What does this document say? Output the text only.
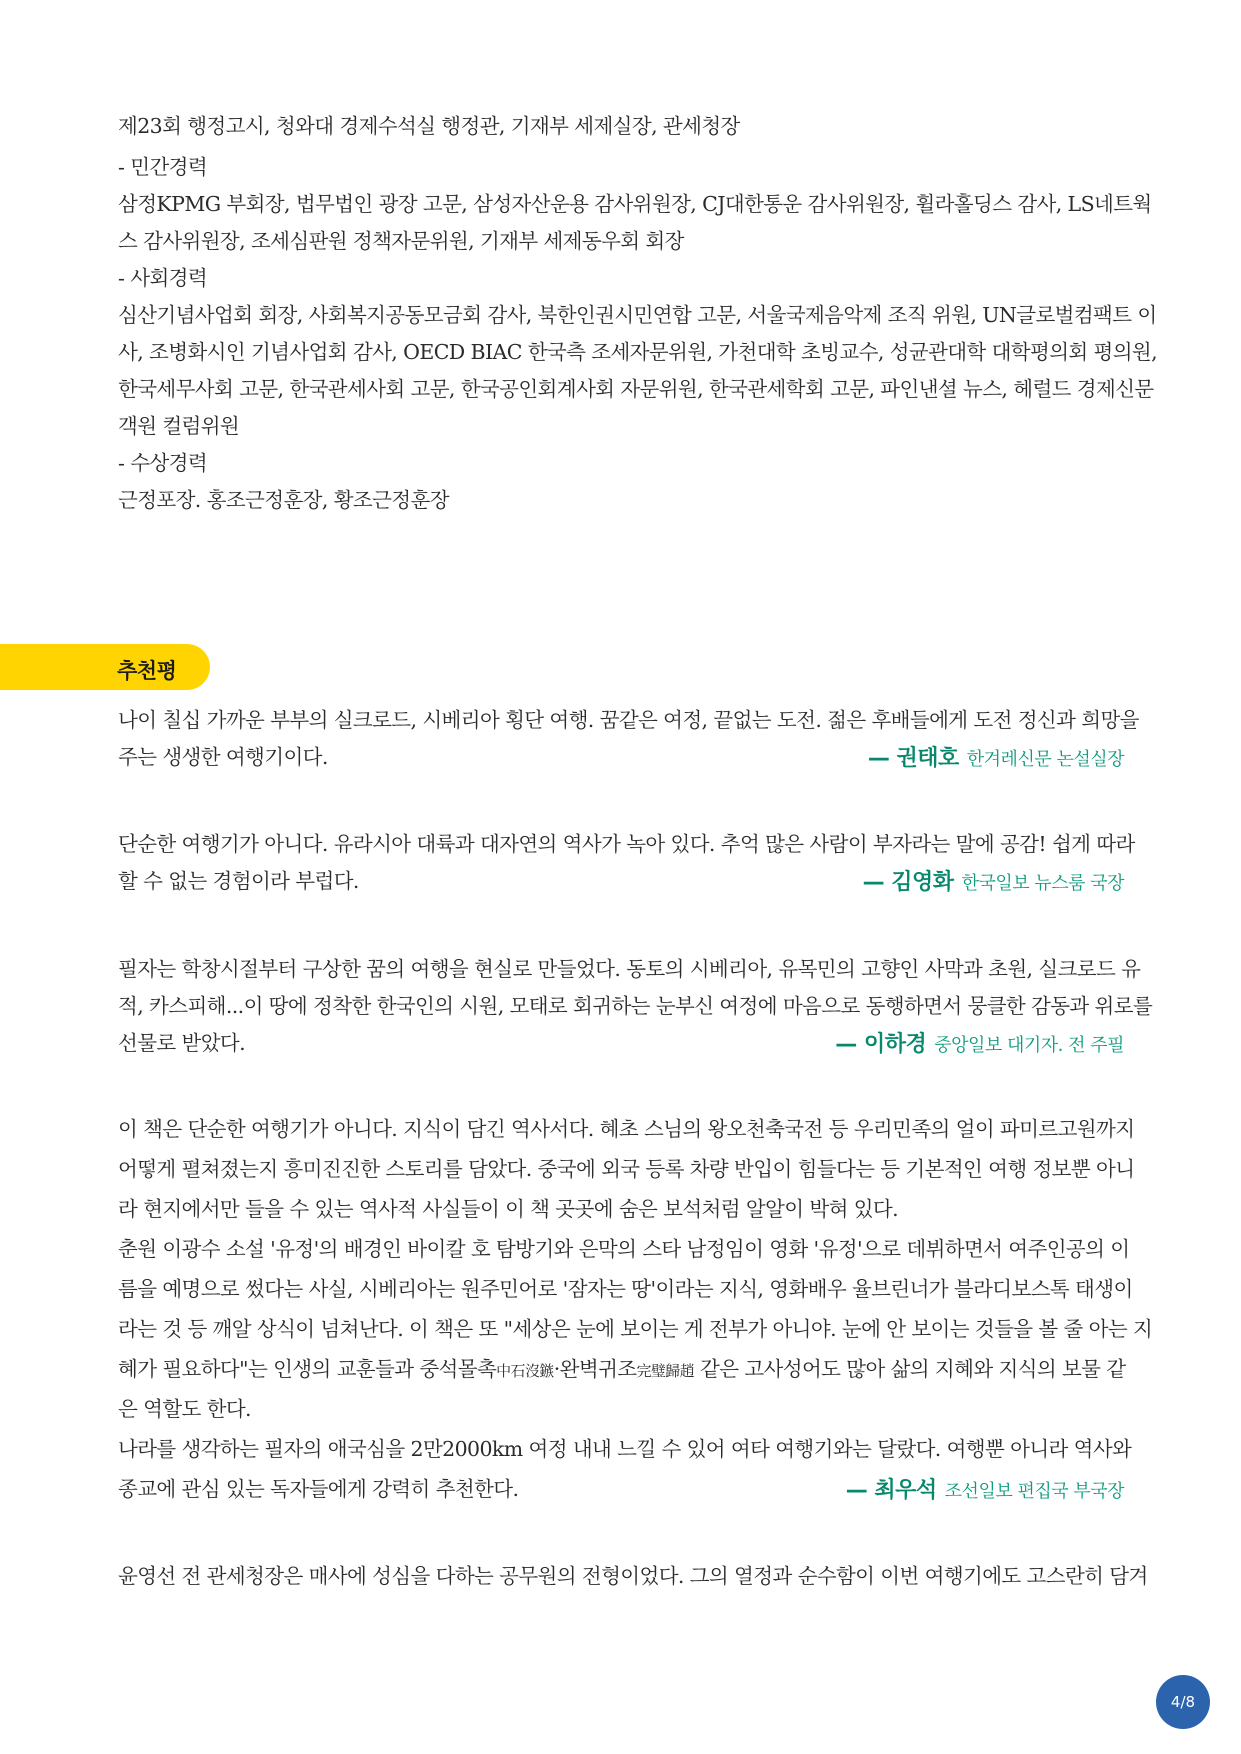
제23회 행정고시, 청와대 경제수석실 행정관, 기재부 세제실장, 관세청장
- 민간경력
삼정KPMG 부회장, 법무법인 광장 고문, 삼성자산운용 감사위원장, CJ대한통운 감사위원장, 휠라홀딩스 감사, LS네트웍
스 감사위원장, 조세심판원 정책자문위원, 기재부 세제동우회 회장
- 사회경력
심산기념사업회 회장, 사회복지공동모금회 감사, 북한인권시민연합 고문, 서울국제음악제 조직 위원, UN글로벌컴팩트 이
사, 조병화시인 기념사업회 감사, OECD BIAC 한국측 조세자문위원, 가천대학 초빙교수, 성균관대학 대학평의회 평의원,
한국세무사회 고문, 한국관세사회 고문, 한국공인회계사회 자문위원, 한국관세학회 고문, 파인낸셜 뉴스, 헤럴드 경제신문
객원 컬럼위원
- 수상경력
근정포장. 홍조근정훈장, 황조근정훈장
추천평
나이 칠십 가까운 부부의 실크로드, 시베리아 횡단 여행. 꿈같은 여정, 끝없는 도전. 젊은 후배들에게 도전 정신과 희망을
주는 생생한 여행기이다.	— 권태호 한겨레신문 논설실장
단순한 여행기가 아니다. 유라시아 대륙과 대자연의 역사가 녹아 있다. 추억 많은 사람이 부자라는 말에 공감! 쉽게 따라
할 수 없는 경험이라 부럽다.	— 김영화 한국일보 뉴스룸 국장
필자는 학창시절부터 구상한 꿈의 여행을 현실로 만들었다. 동토의 시베리아, 유목민의 고향인 사막과 초원, 실크로드 유
적, 카스피해...이 땅에 정착한 한국인의 시원, 모태로 회귀하는 눈부신 여정에 마음으로 동행하면서 뭉클한 감동과 위로를
선물로 받았다.	— 이하경 중앙일보 대기자. 전 주필
이 책은 단순한 여행기가 아니다. 지식이 담긴 역사서다. 혜초 스님의 왕오천축국전 등 우리민족의 얼이 파미르고원까지
어떻게 펼쳐졌는지 흥미진진한 스토리를 담았다. 중국에 외국 등록 차량 반입이 힘들다는 등 기본적인 여행 정보뿐 아니
라 현지에서만 들을 수 있는 역사적 사실들이 이 책 곳곳에 숨은 보석처럼 알알이 박혀 있다.
춘원 이광수 소설 '유정'의 배경인 바이칼 호 탐방기와 은막의 스타 남정임이 영화 '유정'으로 데뷔하면서 여주인공의 이
름을 예명으로 썼다는 사실, 시베리아는 원주민어로 '잠자는 땅'이라는 지식, 영화배우 율브린너가 블라디보스톡 태생이
라는 것 등 깨알 상식이 넘쳐난다. 이 책은 또 "세상은 눈에 보이는 게 전부가 아니야. 눈에 안 보이는 것들을 볼 줄 아는 지
혜가 필요하다"는 인생의 교훈들과 중석몰촉中石沒鏃·완벽귀조完璧歸趙 같은 고사성어도 많아 삶의 지혜와 지식의 보물 같
은 역할도 한다.
나라를 생각하는 필자의 애국심을 2만2000km 여정 내내 느낄 수 있어 여타 여행기와는 달랐다. 여행뿐 아니라 역사와
종교에 관심 있는 독자들에게 강력히 추천한다.	— 최우석 조선일보 편집국 부국장
윤영선 전 관세청장은 매사에 성심을 다하는 공무원의 전형이었다. 그의 열정과 순수함이 이번 여행기에도 고스란히 담겨
4/8
